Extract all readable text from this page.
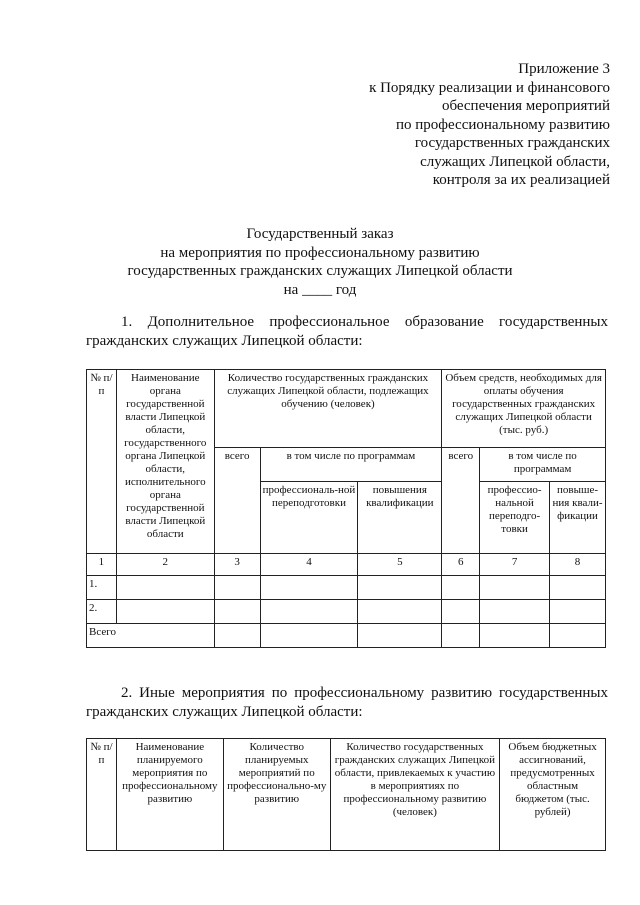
Приложение 3
к Порядку реализации и финансового
обеспечения мероприятий
по профессиональному развитию
государственных гражданских
служащих Липецкой области,
контроля за их реализацией
Государственный заказ
на мероприятия по профессиональному развитию
государственных гражданских служащих Липецкой области
на ____ год
1. Дополнительное профессиональное образование государственных гражданских служащих Липецкой области:
№ п/п	Наименование органа государственной власти Липецкой области, государственного органа Липецкой области, исполнительного органа государственной власти Липецкой области	Количество государственных гражданских служащих Липецкой области, подлежащих обучению (человек)			Объем средств, необходимых для оплаты обучения государственных гражданских служащих Липецкой области (тыс. руб.)		
		всего	в том числе по программам		всего	в том числе по программам	
			профессиональ-ной переподготовки	повышения квалификации		профессио-нальной переподго-товки	повыше-ния квали-фикации
1	2	3	4	5	6	7	8
1.							
2.							
Всего							
2. Иные мероприятия по профессиональному развитию государственных гражданских служащих Липецкой области:
№ п/п	Наименование планируемого мероприятия по профессиональному развитию	Количество планируемых мероприятий по профессионально-му развитию	Количество государственных гражданских служащих Липецкой области, привлекаемых к участию в мероприятиях по профессиональному развитию (человек)	Объем бюджетных ассигнований, предусмотренных областным бюджетом (тыс. рублей)
